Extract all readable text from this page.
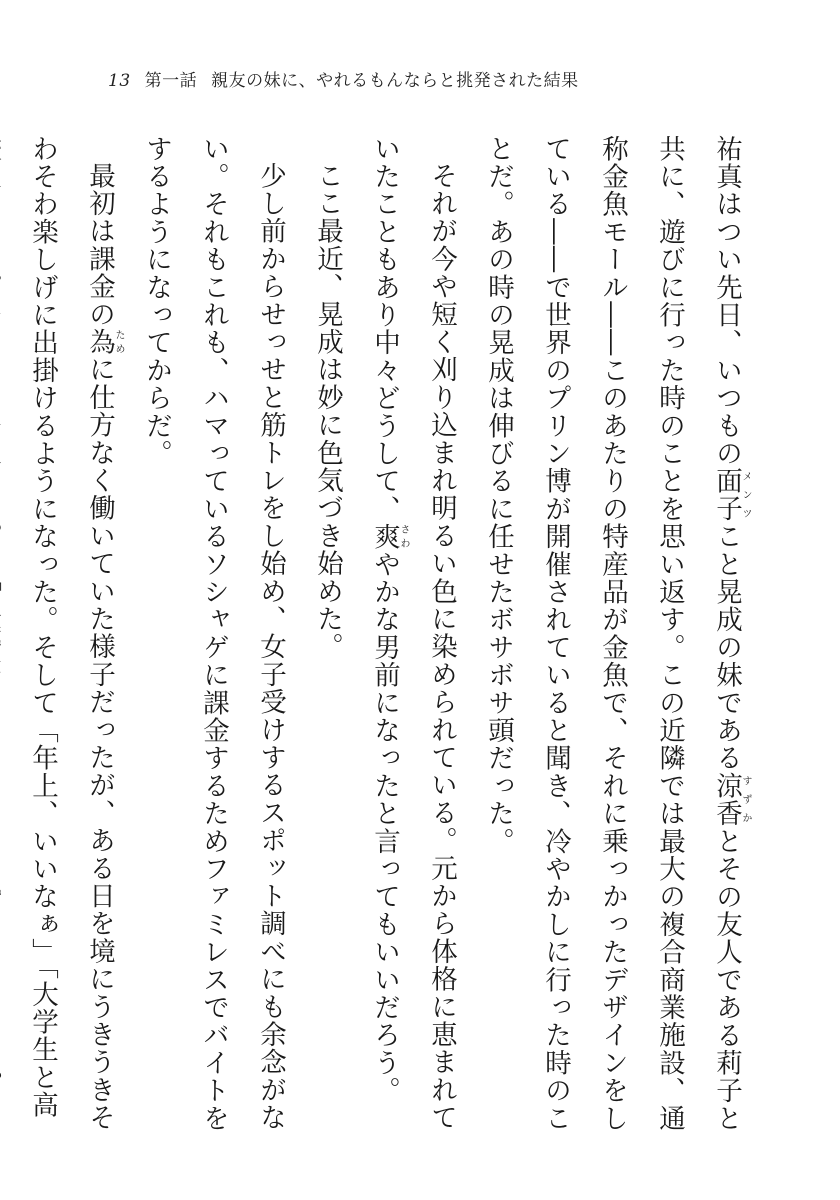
13 第一話 親友の妹に、やれるもんならと挑発された結果

祐真はつい先日、いつもの面子メンツこと晃成の妹である涼香すずかとその友人である莉子と共に、遊びに行った時のことを思い返す。この近隣では最大の複合商業施設、通称金魚モール――このあたりの特産品が金魚で、それに乗っかったデザインをしている――で世界のプリン博が開催されていると聞き、冷やかしに行った時のことだ。あの時の晃成は伸びるに任せたボサボサ頭だった。

それが今や短く刈り込まれ明るい色に染められている。元から体格に恵まれていたこともあり中々どうして、爽さわやかな男前になったと言ってもいいだろう。

ここ最近、晃成は妙に色気づき始めた。

少し前からせっせと筋トレをし始め、女子受けするスポット調べにも余念がない。それもこれも、ハマっているソシャゲに課金するためファミレスでバイトをするようになってからだ。

最初は課金の為ために仕方なく働いていた様子だったが、ある日を境にうきうきそわそわ楽しげに出掛けるようになった。そして「年上、いいなぁ」「大学生と高
